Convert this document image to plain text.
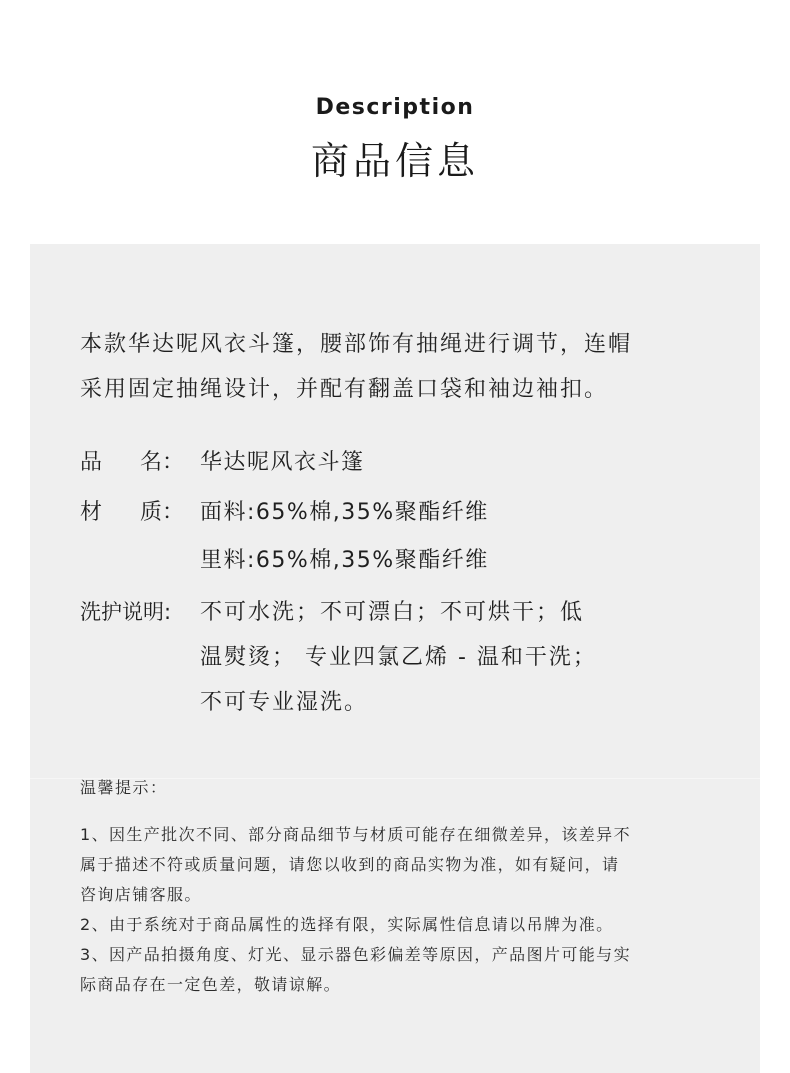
Description
商品信息
本款华达呢风衣斗篷，腰部饰有抽绳进行调节，连帽
采用固定抽绳设计，并配有翻盖口袋和袖边袖扣。
品 名： 华达呢风衣斗篷
材 质： 面料:65%棉,35%聚酯纤维
里料:65%棉,35%聚酯纤维
洗护说明: 不可水洗；不可漂白；不可烘干；低
温熨烫； 专业四氯乙烯 - 温和干洗；
不可专业湿洗。
温馨提示：
1、因生产批次不同、部分商品细节与材质可能存在细微差异，该差异不
属于描述不符或质量问题，请您以收到的商品实物为准，如有疑问，请
咨询店铺客服。
2、由于系统对于商品属性的选择有限，实际属性信息请以吊牌为准。
3、因产品拍摄角度、灯光、显示器色彩偏差等原因，产品图片可能与实
际商品存在一定色差，敬请谅解。
